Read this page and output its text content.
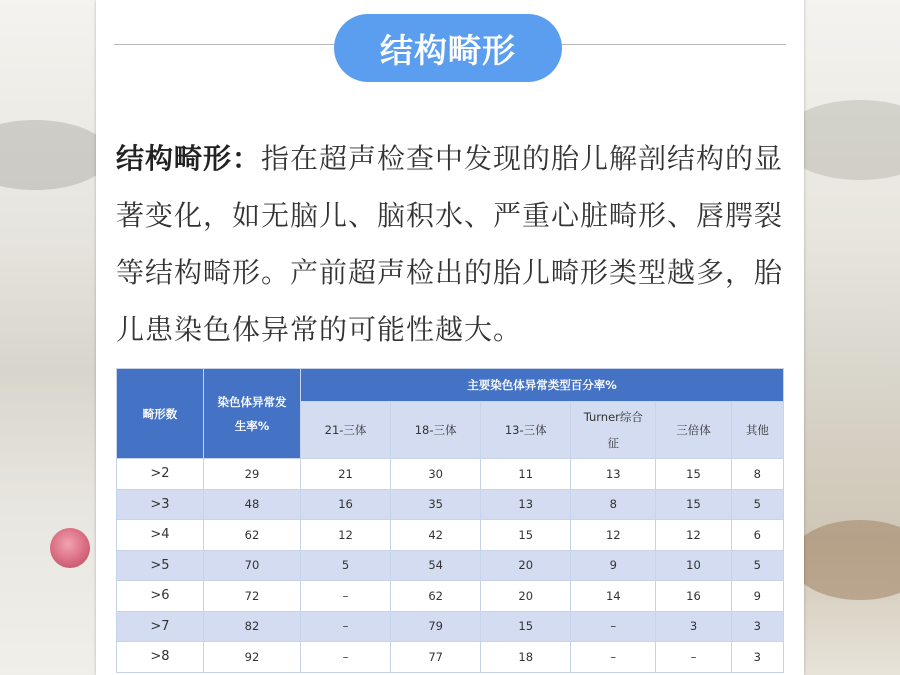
结构畸形
结构畸形：指在超声检查中发现的胎儿解剖结构的显著变化，如无脑儿、脑积水、严重心脏畸形、唇腭裂等结构畸形。产前超声检出的胎儿畸形类型越多，胎儿患染色体异常的可能性越大。
畸形数	染色体异常发生率%	主要染色体异常类型百分率%					
		21-三体	18-三体	13-三体	Turner综合征	三倍体	其他
>2	29	21	30	11	13	15	8
>3	48	16	35	13	8	15	5
>4	62	12	42	15	12	12	6
>5	70	5	54	20	9	10	5
>6	72	–	62	20	14	16	9
>7	82	–	79	15	–	3	3
>8	92	–	77	18	–	–	3
